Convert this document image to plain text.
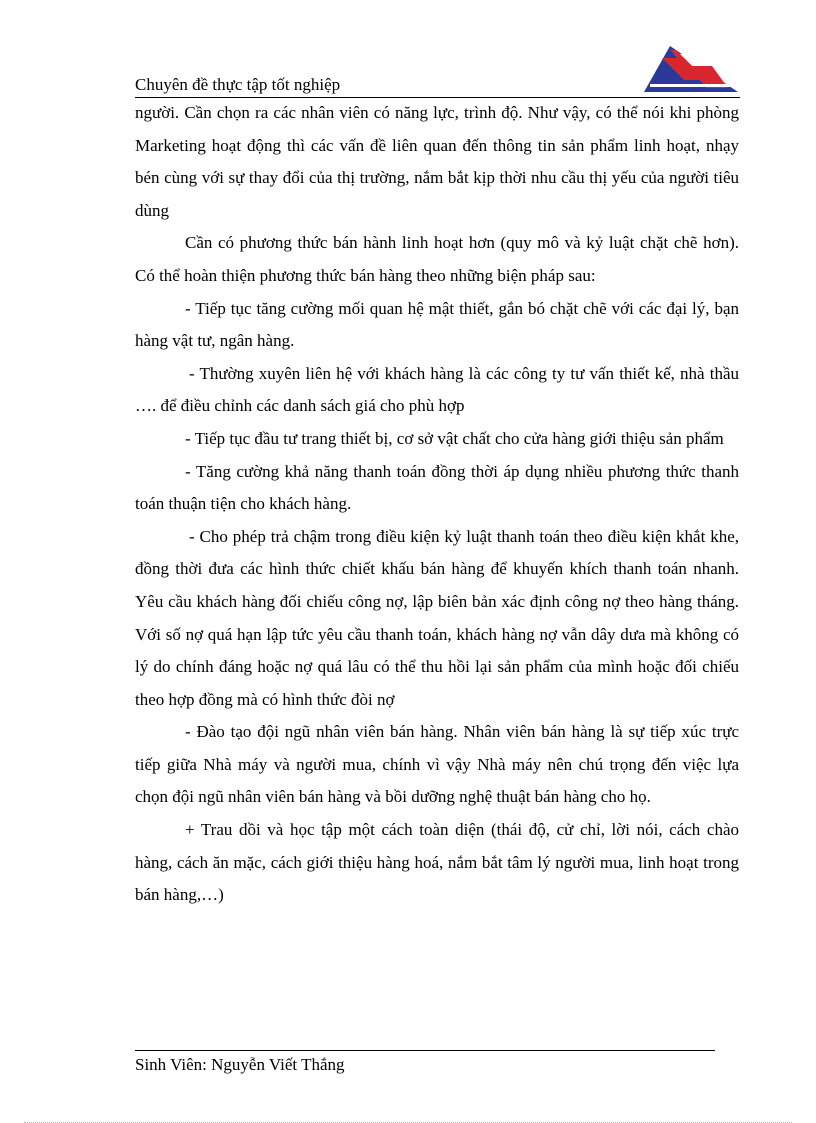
Chuyên đề thực tập tốt nghiệp

người. Cần chọn ra các nhân viên có năng lực, trình độ. Như vậy, có thể nói khi phòng Marketing hoạt động thì các vấn đề liên quan đến thông tin sản phẩm linh hoạt, nhạy bén cùng với sự thay đổi của thị trường, nắm bắt kịp thời nhu cầu thị yếu của người tiêu dùng

Cần có phương thức bán hành linh hoạt hơn (quy mô và kỷ luật chặt chẽ hơn). Có thể hoàn thiện phương thức bán hàng theo những biện pháp sau:

- Tiếp tục tăng cường mối quan hệ mật thiết, gắn bó chặt chẽ với các đại lý, bạn hàng vật tư, ngân hàng.

- Thường xuyên liên hệ với khách hàng là các công ty tư vấn thiết kế, nhà thầu …. để điều chỉnh các danh sách giá cho phù hợp

- Tiếp tục đầu tư trang thiết bị, cơ sở vật chất cho cửa hàng giới thiệu sản phẩm

- Tăng cường khả năng thanh toán đồng thời áp dụng nhiều phương thức thanh toán thuận tiện cho khách hàng.

- Cho phép trả chậm trong điều kiện kỷ luật thanh toán theo điều kiện khắt khe, đồng thời đưa các hình thức chiết khấu bán hàng để khuyến khích thanh toán nhanh. Yêu cầu khách hàng đối chiếu công nợ, lập biên bản xác định công nợ theo hàng tháng. Với số nợ quá hạn lập tức yêu cầu thanh toán, khách hàng nợ vẫn dây dưa mà không có lý do chính đáng hoặc nợ quá lâu có thể thu hồi lại sản phẩm của mình hoặc đối chiếu theo hợp đồng mà có hình thức đòi nợ

- Đào tạo đội ngũ nhân viên bán hàng. Nhân viên bán hàng là sự tiếp xúc trực tiếp giữa Nhà máy và người mua, chính vì vậy Nhà máy nên chú trọng đến việc lựa chọn đội ngũ nhân viên bán hàng và bồi dưỡng nghệ thuật bán hàng cho họ.

+ Trau dồi và học tập một cách toàn diện (thái độ, cử chỉ, lời nói, cách chào hàng, cách ăn mặc, cách giới thiệu hàng hoá, nắm bắt tâm lý người mua, linh hoạt trong bán hàng,…)

Sinh Viên: Nguyễn Viết Thắng
